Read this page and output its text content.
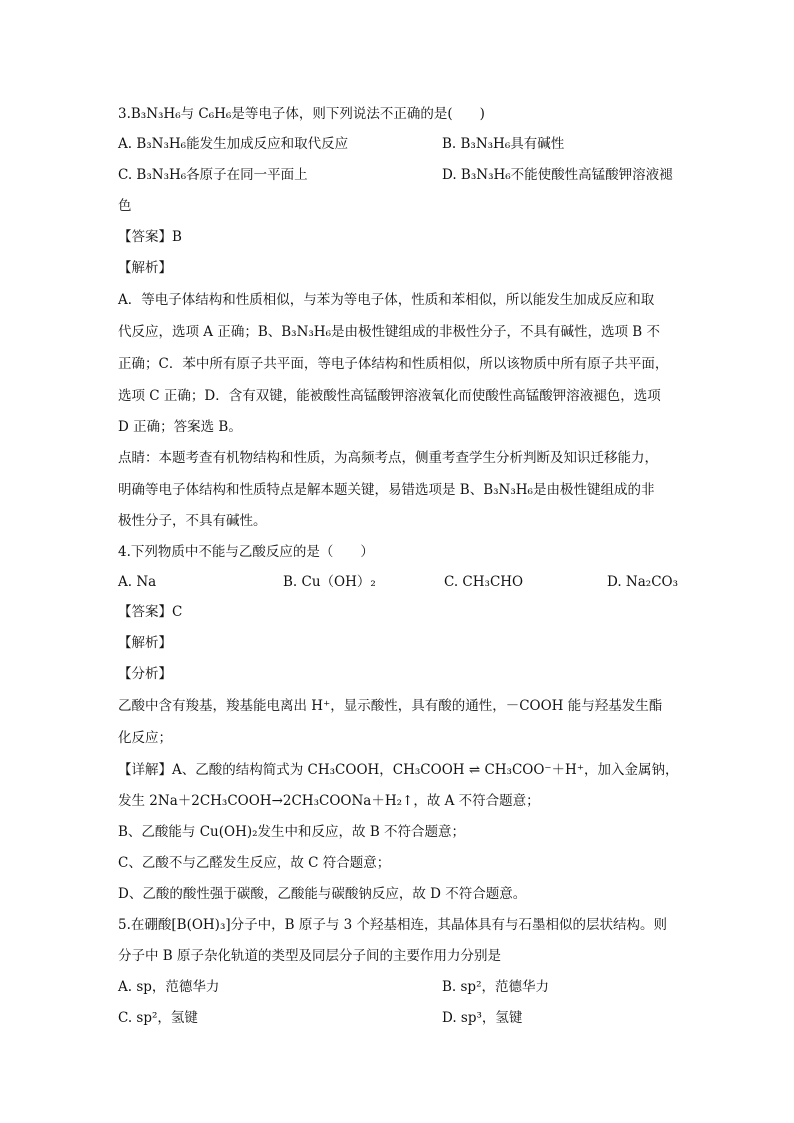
3.B₃N₃H₆与 C₆H₆是等电子体，则下列说法不正确的是(　　)
A. B₃N₃H₆能发生加成反应和取代反应	B. B₃N₃H₆具有碱性
C. B₃N₃H₆各原子在同一平面上	D. B₃N₃H₆不能使酸性高锰酸钾溶液褪
色
【答案】B
【解析】
A．等电子体结构和性质相似，与苯为等电子体，性质和苯相似，所以能发生加成反应和取
代反应，选项 A 正确；B、B₃N₃H₆是由极性键组成的非极性分子，不具有碱性，选项 B 不
正确；C．苯中所有原子共平面，等电子体结构和性质相似，所以该物质中所有原子共平面，
选项 C 正确；D．含有双键，能被酸性高锰酸钾溶液氧化而使酸性高锰酸钾溶液褪色，选项
D 正确；答案选 B。
点睛：本题考查有机物结构和性质，为高频考点，侧重考查学生分析判断及知识迁移能力，
明确等电子体结构和性质特点是解本题关键，易错选项是 B、B₃N₃H₆是由极性键组成的非
极性分子，不具有碱性。
4.下列物质中不能与乙酸反应的是（　　）
A. Na	B. Cu（OH）₂	C. CH₃CHO	D. Na₂CO₃
【答案】C
【解析】
【分析】
乙酸中含有羧基，羧基能电离出 H⁺，显示酸性，具有酸的通性，－COOH 能与羟基发生酯
化反应；
【详解】A、乙酸的结构简式为 CH₃COOH，CH₃COOH ⇌ CH₃COO⁻＋H⁺，加入金属钠，
发生 2Na＋2CH₃COOH→2CH₃COONa＋H₂↑，故 A 不符合题意；
B、乙酸能与 Cu(OH)₂发生中和反应，故 B 不符合题意；
C、乙酸不与乙醛发生反应，故 C 符合题意；
D、乙酸的酸性强于碳酸，乙酸能与碳酸钠反应，故 D 不符合题意。
5.在硼酸[B(OH)₃]分子中，B 原子与 3 个羟基相连，其晶体具有与石墨相似的层状结构。则
分子中 B 原子杂化轨道的类型及同层分子间的主要作用力分别是
A. sp，范德华力	B. sp²，范德华力
C. sp²，氢键	D. sp³，氢键
